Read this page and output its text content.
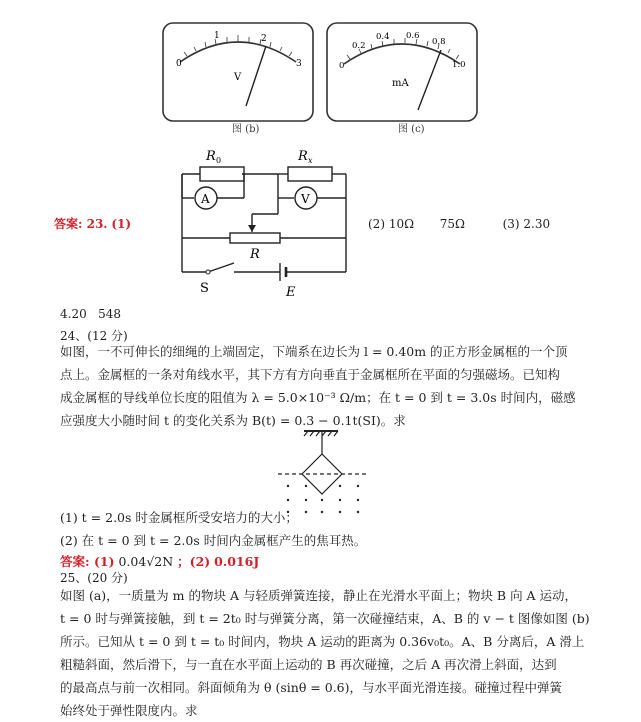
0
1	2
3
V
图 (b)
0
0.2
0.4 0.6
0.8
1.0
mA
图 (c)
R 0	R x
A	V
R
S	E
答案: 23. (1)	(2) 10Ω 75Ω	(3) 2.30
4.20   548
24、(12 分)
如图，一不可伸长的细绳的上端固定，下端系在边长为 l = 0.40m 的正方形金属框的一个顶
点上。金属框的一条对角线水平，其下方有方向垂直于金属框所在平面的匀强磁场。已知构
成金属框的导线单位长度的阻值为 λ = 5.0×10⁻³ Ω/m；在 t = 0 到 t = 3.0s 时间内，磁感
应强度大小随时间 t 的变化关系为 B(t) = 0.3 − 0.1t(SI)。求
(1) t = 2.0s 时金属框所受安培力的大小；
(2) 在 t = 0 到 t = 2.0s 时间内金属框产生的焦耳热。
答案: (1) 0.04√2N ；(2) 0.016J
25、(20 分)
如图 (a)，一质量为 m 的物块 A 与轻质弹簧连接，静止在光滑水平面上；物块 B 向 A 运动，
t = 0 时与弹簧接触，到 t = 2t₀ 时与弹簧分离，第一次碰撞结束，A、B 的 v − t 图像如图 (b)
所示。已知从 t = 0 到 t = t₀ 时间内，物块 A 运动的距离为 0.36v₀t₀。A、B 分离后，A 滑上
粗糙斜面，然后滑下，与一直在水平面上运动的 B 再次碰撞，之后 A 再次滑上斜面，达到
的最高点与前一次相同。斜面倾角为 θ (sinθ = 0.6)，与水平面光滑连接。碰撞过程中弹簧
始终处于弹性限度内。求
